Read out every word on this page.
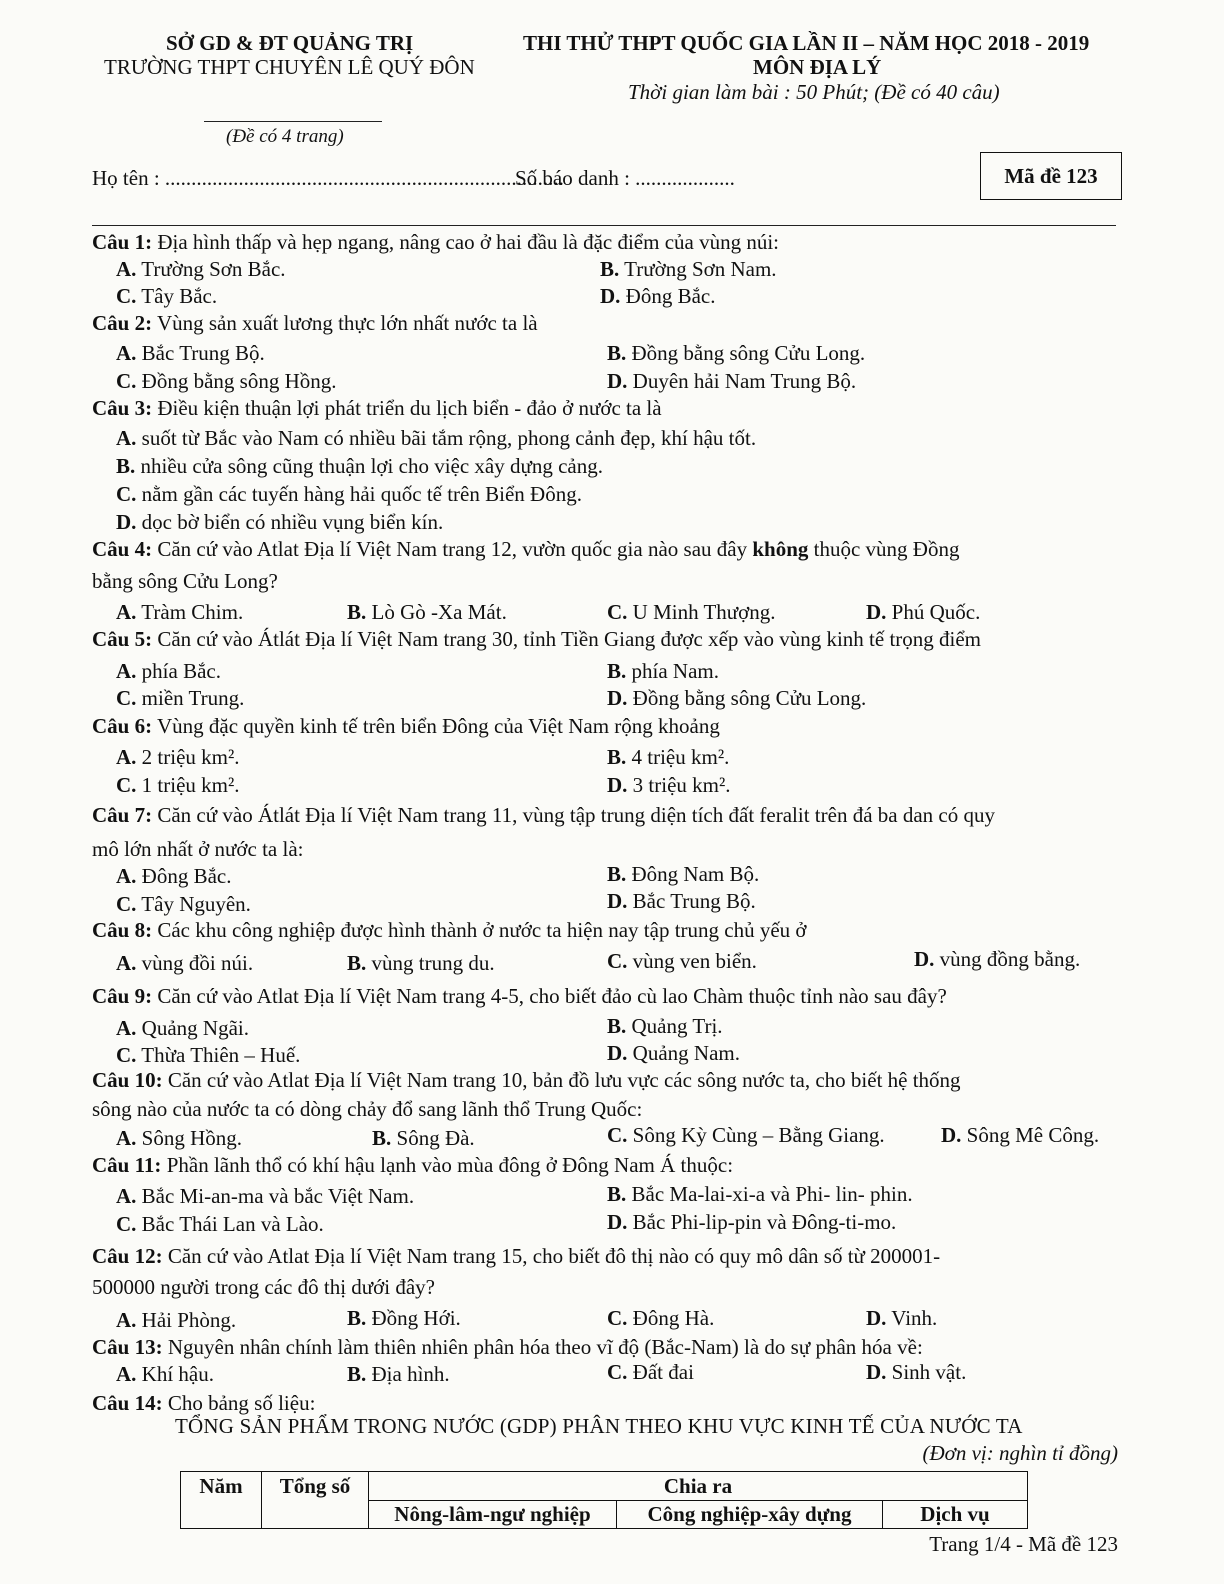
SỞ GD & ĐT QUẢNG TRỊ
TRƯỜNG THPT CHUYÊN LÊ QUÝ ĐÔN
THI THỬ THPT QUỐC GIA LẦN II – NĂM HỌC 2018 - 2019
MÔN ĐỊA LÝ
Thời gian làm bài : 50 Phút; (Đề có 40 câu)
(Đề có 4 trang)
Họ tên : ............................................................................
Số báo danh : ...................	Mã đề 123
Câu 1: Địa hình thấp và hẹp ngang, nâng cao ở hai đầu là đặc điểm của vùng núi:
A. Trường Sơn Bắc.	B. Trường Sơn Nam.
C. Tây Bắc.	D. Đông Bắc.
Câu 2: Vùng sản xuất lương thực lớn nhất nước ta là
A. Bắc Trung Bộ.	B. Đồng bằng sông Cửu Long.
C. Đồng bằng sông Hồng.	D. Duyên hải Nam Trung Bộ.
Câu 3: Điều kiện thuận lợi phát triển du lịch biển - đảo ở nước ta là
A. suốt từ Bắc vào Nam có nhiều bãi tắm rộng, phong cảnh đẹp, khí hậu tốt.
B. nhiều cửa sông cũng thuận lợi cho việc xây dựng cảng.
C. nằm gần các tuyến hàng hải quốc tế trên Biển Đông.
D. dọc bờ biển có nhiều vụng biển kín.
Câu 4: Căn cứ vào Atlat Địa lí Việt Nam trang 12, vườn quốc gia nào sau đây không thuộc vùng Đồng
bằng sông Cửu Long?
A. Tràm Chim.	B. Lò Gò -Xa Mát.	C. U Minh Thượng.	D. Phú Quốc.
Câu 5: Căn cứ vào Átlát Địa lí Việt Nam trang 30, tỉnh Tiền Giang được xếp vào vùng kinh tế trọng điểm
A. phía Bắc.	B. phía Nam.
C. miền Trung.	D. Đồng bằng sông Cửu Long.
Câu 6: Vùng đặc quyền kinh tế trên biển Đông của Việt Nam rộng khoảng
A. 2 triệu km².	B. 4 triệu km².
C. 1 triệu km².	D. 3 triệu km².
Câu 7: Căn cứ vào Átlát Địa lí Việt Nam trang 11, vùng tập trung diện tích đất feralit trên đá ba dan có quy
mô lớn nhất ở nước ta là:
A. Đông Bắc.	B. Đông Nam Bộ.
C. Tây Nguyên.	D. Bắc Trung Bộ.
Câu 8: Các khu công nghiệp được hình thành ở nước ta hiện nay tập trung chủ yếu ở
A. vùng đồi núi.	B. vùng trung du.	C. vùng ven biển.	D. vùng đồng bằng.
Câu 9: Căn cứ vào Atlat Địa lí Việt Nam trang 4-5, cho biết đảo cù lao Chàm thuộc tỉnh nào sau đây?
A. Quảng Ngãi.	B. Quảng Trị.
C. Thừa Thiên – Huế.	D. Quảng Nam.
Câu 10: Căn cứ vào Atlat Địa lí Việt Nam trang 10, bản đồ lưu vực các sông nước ta, cho biết hệ thống
sông nào của nước ta có dòng chảy đổ sang lãnh thổ Trung Quốc:
A. Sông Hồng.	B. Sông Đà.	C. Sông Kỳ Cùng – Bằng Giang.	D. Sông Mê Công.
Câu 11: Phần lãnh thổ có khí hậu lạnh vào mùa đông ở Đông Nam Á thuộc:
A. Bắc Mi-an-ma và bắc Việt Nam.	B. Bắc Ma-lai-xi-a và Phi- lin- phin.
C. Bắc Thái Lan và Lào.	D. Bắc Phi-lip-pin và Đông-ti-mo.
Câu 12: Căn cứ vào Atlat Địa lí Việt Nam trang 15, cho biết đô thị nào có quy mô dân số từ 200001-
500000 người trong các đô thị dưới đây?
A. Hải Phòng.	B. Đồng Hới.	C. Đông Hà.	D. Vinh.
Câu 13: Nguyên nhân chính làm thiên nhiên phân hóa theo vĩ độ (Bắc-Nam) là do sự phân hóa về:
A. Khí hậu.	B. Địa hình.	C. Đất đai	D. Sinh vật.
Câu 14: Cho bảng số liệu:
TỔNG SẢN PHẨM TRONG NƯỚC (GDP) PHÂN THEO KHU VỰC KINH TẾ CỦA NƯỚC TA
(Đơn vị: nghìn tỉ đồng)
Năm	Tổng số	Chia ra		
		Nông-lâm-ngư nghiệp	Công nghiệp-xây dựng	Dịch vụ
Trang 1/4 - Mã đề 123
